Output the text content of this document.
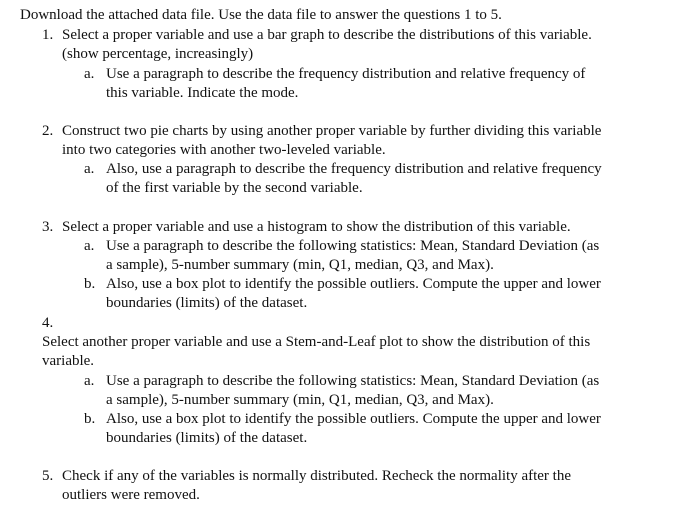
Download the attached data file. Use the data file to answer the questions 1 to 5.
1. Select a proper variable and use a bar graph to describe the distributions of this variable.
(show percentage, increasingly)
a. Use a paragraph to describe the frequency distribution and relative frequency of
this variable. Indicate the mode.
2. Construct two pie charts by using another proper variable by further dividing this variable
into two categories with another two-leveled variable.
a. Also, use a paragraph to describe the frequency distribution and relative frequency
of the first variable by the second variable.
3. Select a proper variable and use a histogram to show the distribution of this variable.
a. Use a paragraph to describe the following statistics: Mean, Standard Deviation (as
a sample), 5-number summary (min, Q1, median, Q3, and Max).
b. Also, use a box plot to identify the possible outliers. Compute the upper and lower
boundaries (limits) of the dataset.
4.
Select another proper variable and use a Stem-and-Leaf plot to show the distribution of this
variable.
a. Use a paragraph to describe the following statistics: Mean, Standard Deviation (as
a sample), 5-number summary (min, Q1, median, Q3, and Max).
b. Also, use a box plot to identify the possible outliers. Compute the upper and lower
boundaries (limits) of the dataset.
5. Check if any of the variables is normally distributed. Recheck the normality after the
outliers were removed.
